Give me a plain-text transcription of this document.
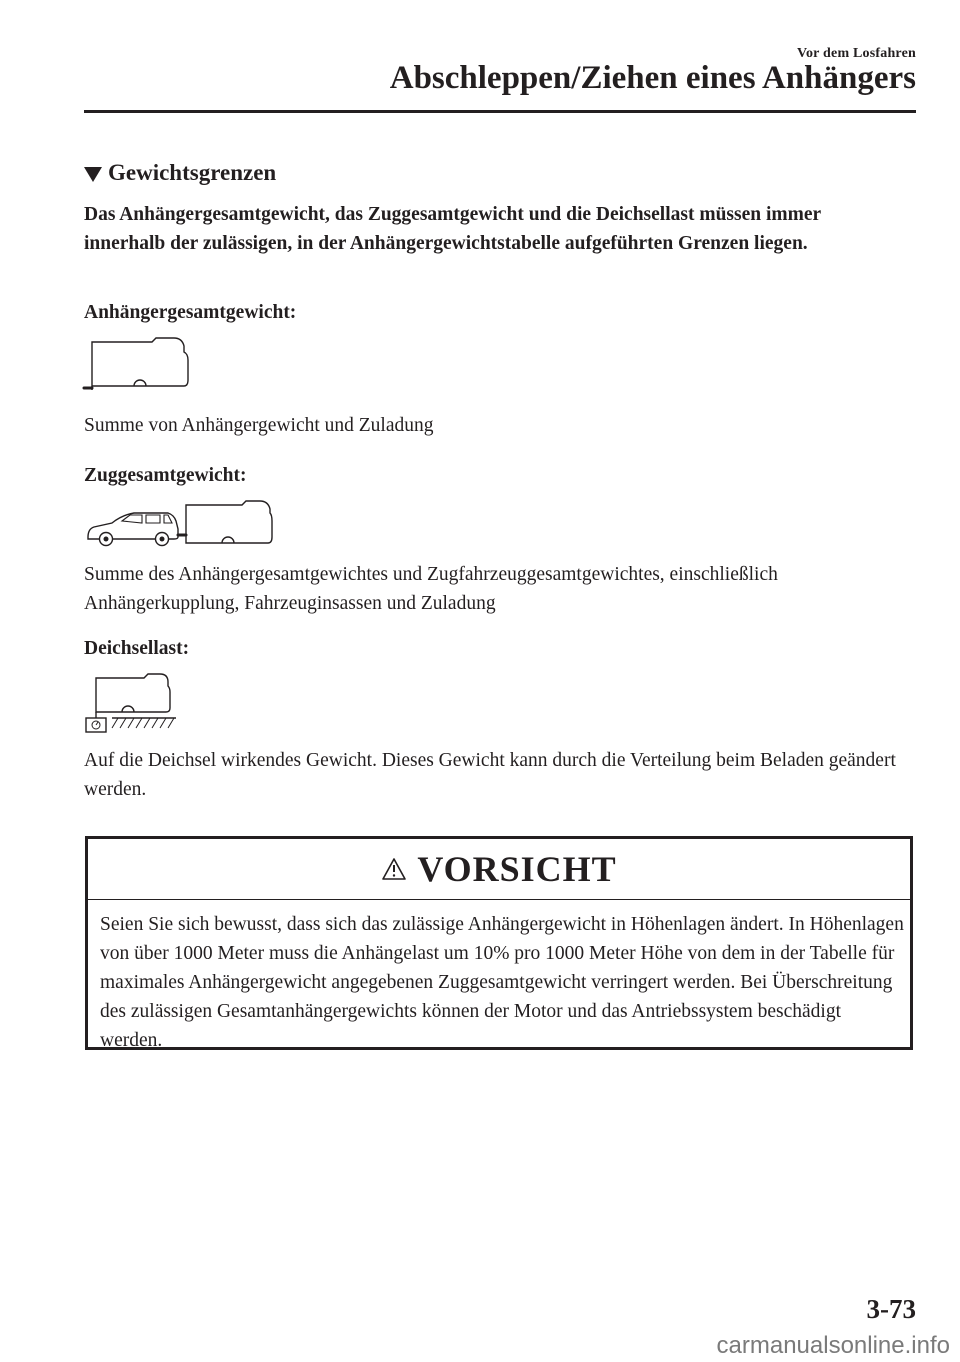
Vor dem Losfahren
Abschleppen/Ziehen eines Anhängers
Gewichtsgrenzen
Das Anhängergesamtgewicht, das Zuggesamtgewicht und die Deichsellast müssen immer innerhalb der zulässigen, in der Anhängergewichtstabelle aufgeführten Grenzen liegen.
Anhängergesamtgewicht:
Summe von Anhängergewicht und Zuladung
Zuggesamtgewicht:
Summe des Anhängergesamtgewichtes und Zugfahrzeuggesamtgewichtes, einschließlich Anhängerkupplung, Fahrzeuginsassen und Zuladung
Deichsellast:
Auf die Deichsel wirkendes Gewicht. Dieses Gewicht kann durch die Verteilung beim Beladen geändert werden.
VORSICHT
Seien Sie sich bewusst, dass sich das zulässige Anhängergewicht in Höhenlagen ändert. In Höhenlagen von über 1000 Meter muss die Anhängelast um 10% pro 1000 Meter Höhe von dem in der Tabelle für maximales Anhängergewicht angegebenen Zuggesamtgewicht verringert werden. Bei Überschreitung des zulässigen Gesamtanhängergewichts können der Motor und das Antriebssystem beschädigt werden.
3-73
carmanualsonline.info
